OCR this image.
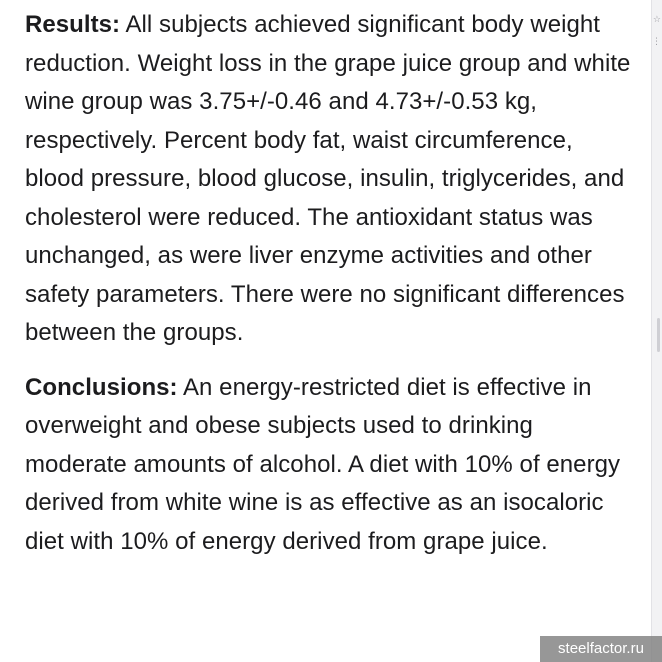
Results: All subjects achieved significant body weight reduction. Weight loss in the grape juice group and white wine group was 3.75+/-0.46 and 4.73+/-0.53 kg, respectively. Percent body fat, waist circumference, blood pressure, blood glucose, insulin, triglycerides, and cholesterol were reduced. The antioxidant status was unchanged, as were liver enzyme activities and other safety parameters. There were no significant differences between the groups.

Conclusions: An energy-restricted diet is effective in overweight and obese subjects used to drinking moderate amounts of alcohol. A diet with 10% of energy derived from white wine is as effective as an isocaloric diet with 10% of energy derived from grape juice.

☆
⋮
steelfactor.ru
